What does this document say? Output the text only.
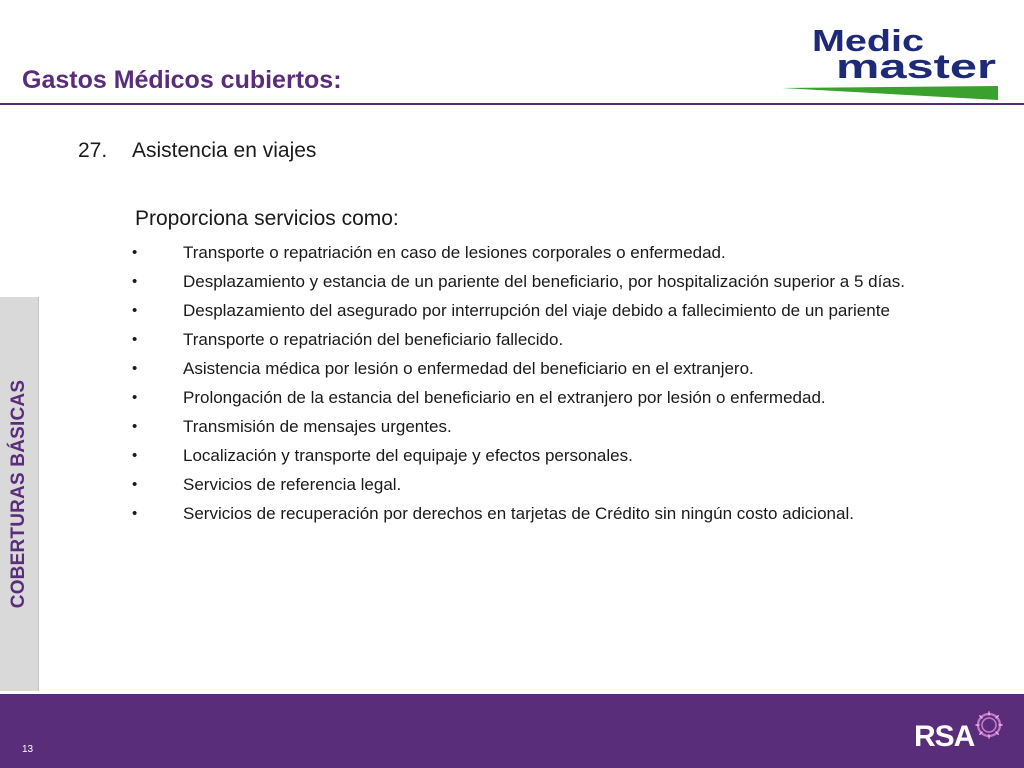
Gastos Médicos cubiertos:
Medic
master
COBERTURAS BÁSICAS
27. Asistencia en viajes
Proporciona servicios como:
•	Transporte o repatriación en caso de lesiones corporales o enfermedad.
•	Desplazamiento y estancia de un pariente del beneficiario, por hospitalización superior a 5 días.
•	Desplazamiento del asegurado por interrupción del viaje debido a fallecimiento de un pariente
•	Transporte o repatriación del beneficiario fallecido.
•	Asistencia médica por lesión o enfermedad del beneficiario en el extranjero.
•	Prolongación de la estancia del beneficiario en el extranjero por lesión o enfermedad.
•	Transmisión de mensajes urgentes.
•	Localización y transporte del equipaje y efectos personales.
•	Servicios de referencia legal.
•	Servicios de recuperación por derechos en tarjetas de Crédito sin ningún costo adicional.
13	RSA
